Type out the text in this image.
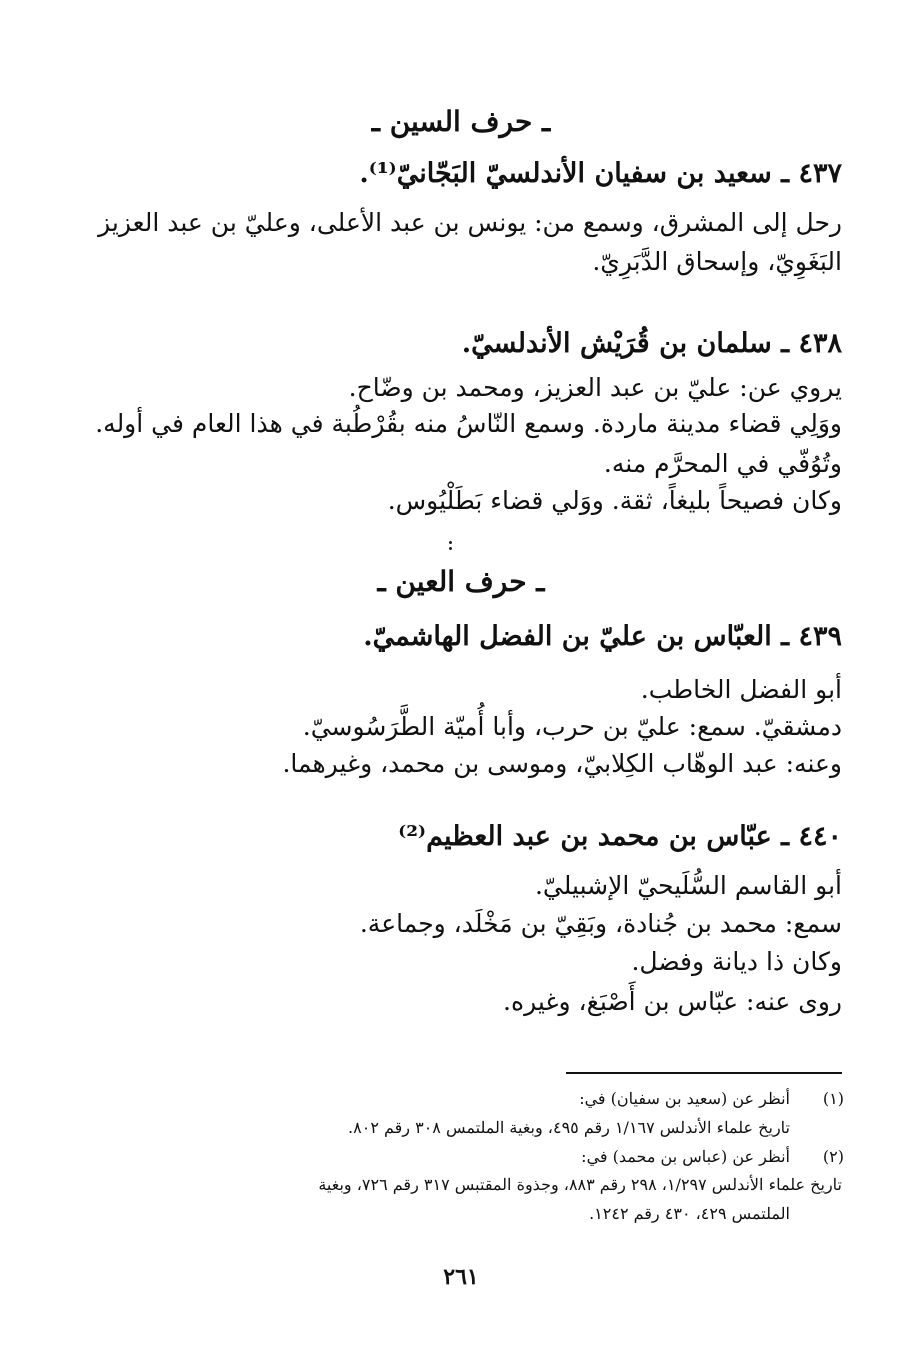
ـ حرف السين ـ
٤٣٧ ـ سعيد بن سفيان الأندلسيّ البَجّانيّ⁽¹⁾.
رحل إلى المشرق، وسمع من: يونس بن عبد الأعلى، وعليّ بن عبد العزيز
البَغَوِيّ، وإسحاق الدَّبَرِيّ.
٤٣٨ ـ سلمان بن قُرَيْش الأندلسيّ.
يروي عن: عليّ بن عبد العزيز، ومحمد بن وضّاح.
ووَلِي قضاء مدينة ماردة. وسمع النّاسُ منه بقُرْطُبة في هذا العام في أوله.
وتُوُفّي في المحرَّم منه.
وكان فصيحاً بليغاً، ثقة. ووَلي قضاء بَطَلْيُوس.
ـ حرف العين ـ
٤٣٩ ـ العبّاس بن عليّ بن الفضل الهاشميّ.
أبو الفضل الخاطب.
دمشقيّ. سمع: عليّ بن حرب، وأبا أُميّة الطَّرَسُوسيّ.
وعنه: عبد الوهّاب الكِلابيّ، وموسى بن محمد، وغيرهما.
٤٤٠ ـ عبّاس بن محمد بن عبد العظيم⁽²⁾
أبو القاسم السُّلَيحيّ الإشبيليّ.
سمع: محمد بن جُنادة، وبَقِيّ بن مَخْلَد، وجماعة.
وكان ذا ديانة وفضل.
روى عنه: عبّاس بن أَصْبَغ، وغيره.
(١)
أنظر عن (سعيد بن سفيان) في:
تاريخ علماء الأندلس ١/١٦٧ رقم ٤٩٥، وبغية الملتمس ٣٠٨ رقم ٨٠٢.
(٢)
أنظر عن (عباس بن محمد) في:
تاريخ علماء الأندلس ١/٢٩٧، ٢٩٨ رقم ٨٨٣، وجذوة المقتبس ٣١٧ رقم ٧٢٦، وبغية
الملتمس ٤٢٩، ٤٣٠ رقم ١٢٤٢.
٢٦١
